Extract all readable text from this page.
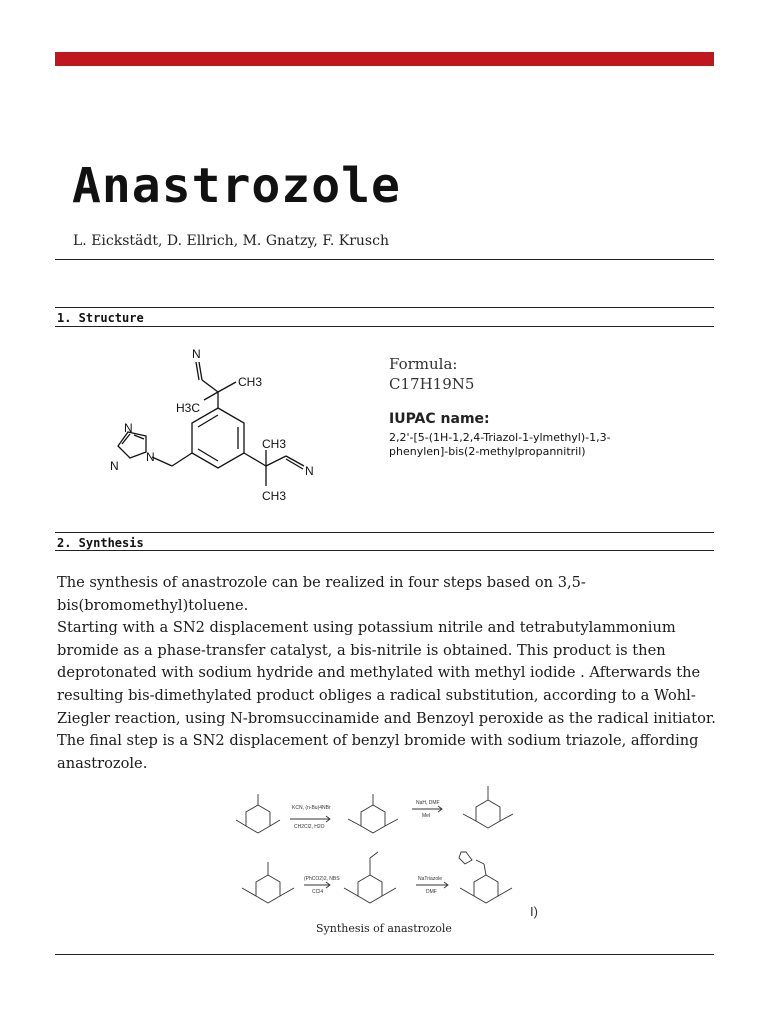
Anastrozole
L. Eickstädt, D. Ellrich, M. Gnatzy, F. Krusch
1. Structure
N
CH3
H3C
N
N
N
CH3
N
CH3
Formula:
C17H19N5
IUPAC name:
2,2'-[5-(1H-1,2,4-Triazol-1-ylmethyl)-1,3-phenylen]-bis(2-methylpropannitril)
2. Synthesis

The synthesis of anastrozole can be realized in four steps based on 3,5-bis(bromomethyl)toluene.

Starting with a SN2 displacement using potassium nitrile and tetrabutylammonium bromide as a phase-transfer catalyst, a bis-nitrile is obtained. This product is then deprotonated with sodium hydride and methylated with methyl iodide . Afterwards the resulting bis-dimethylated product obliges a radical substitution, according to a Wohl-Ziegler reaction, using N-bromsuccinamide and Benzoyl peroxide as the radical initiator. The final step is a SN2 displacement of benzyl bromide with sodium triazole, affording anastrozole.

KCN, (n-Bu)4NBr
CH2Cl2, H2O
NaH, DMF
MeI
(PhCO2)2, NBS
CCl4
NaTriazole
DMF
I)
Synthesis of anastrozole
